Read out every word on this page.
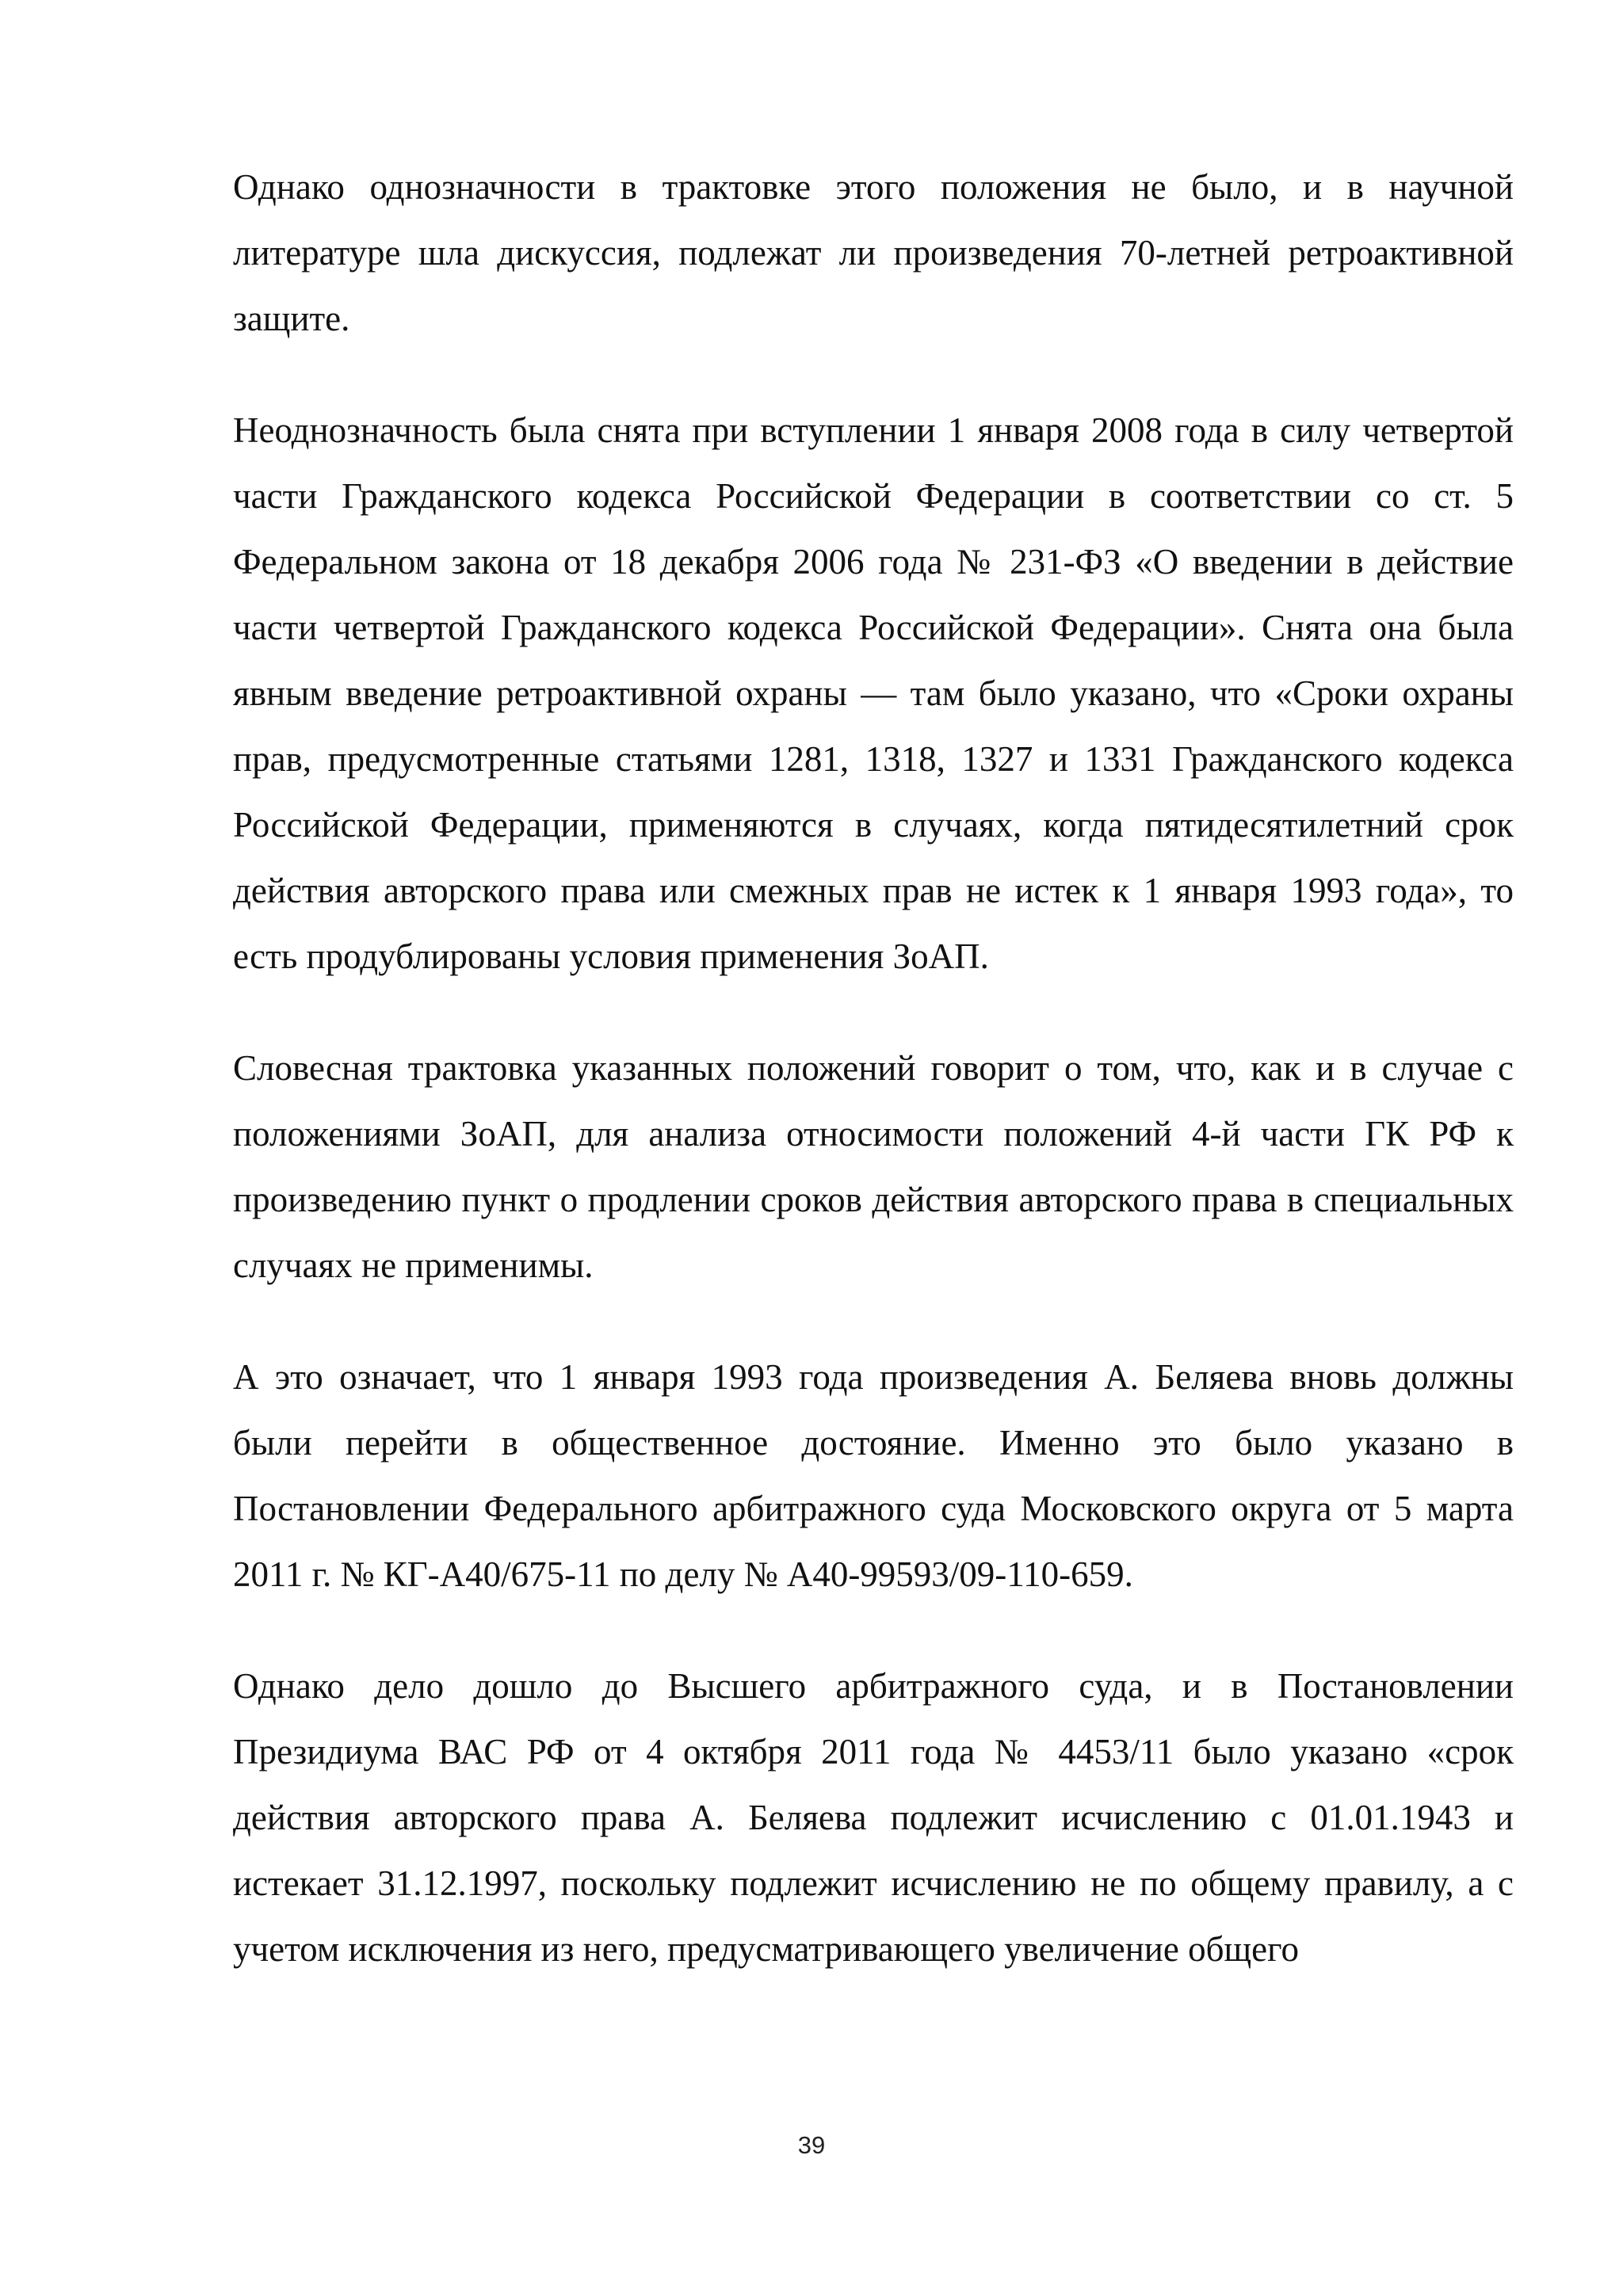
Однако однозначности в трактовке этого положения не было, и в научной литературе шла дискуссия, подлежат ли произведения 70-летней ретроактивной защите.

Неоднозначность была снята при вступлении 1 января 2008 года в силу четвертой части Гражданского кодекса Российской Федерации в соответствии со ст. 5 Федеральном закона от 18 декабря 2006 года № 231-ФЗ «О введении в действие части четвертой Гражданского кодекса Российской Федерации». Снята она была явным введение ретроактивной охраны — там было указано, что «Сроки охраны прав, предусмотренные статьями 1281, 1318, 1327 и 1331 Гражданского кодекса Российской Федерации, применяются в случаях, когда пятидесятилетний срок действия авторского права или смежных прав не истек к 1 января 1993 года», то есть продублированы условия применения ЗоАП.

Словесная трактовка указанных положений говорит о том, что, как и в случае с положениями ЗоАП, для анализа относимости положений 4-й части ГК РФ к произведению пункт о продлении сроков действия авторского права в специальных случаях не применимы.

А это означает, что 1 января 1993 года произведения А. Беляева вновь должны были перейти в общественное достояние. Именно это было указано в Постановлении Федерального арбитражного суда Московского округа от 5 марта 2011 г. № КГ-А40/675-11 по делу № А40-99593/09-110-659.

Однако дело дошло до Высшего арбитражного суда, и в Постановлении Президиума ВАС РФ от 4 октября 2011 года № 4453/11 было указано «срок действия авторского права А. Беляева подлежит исчислению с 01.01.1943 и истекает 31.12.1997, поскольку подлежит исчислению не по общему правилу, а с учетом исключения из него, предусматривающего увеличение общего

39
